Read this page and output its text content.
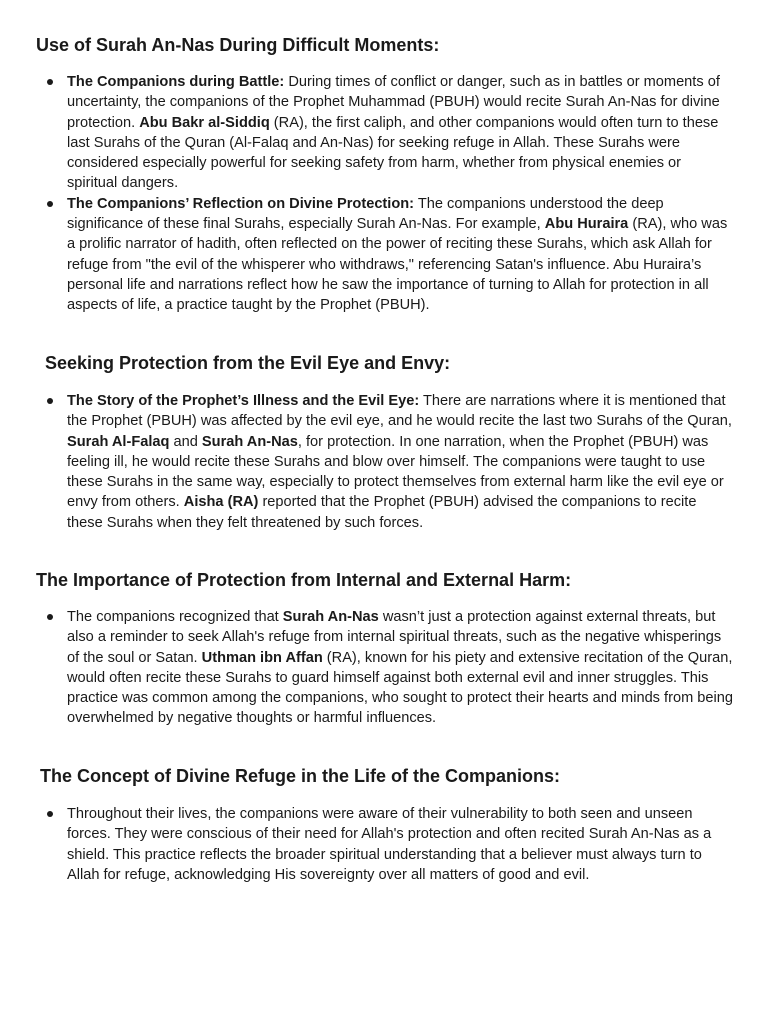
Use of Surah An-Nas During Difficult Moments:
The Companions during Battle: During times of conflict or danger, such as in battles or moments of uncertainty, the companions of the Prophet Muhammad (PBUH) would recite Surah An-Nas for divine protection. Abu Bakr al-Siddiq (RA), the first caliph, and other companions would often turn to these last Surahs of the Quran (Al-Falaq and An-Nas) for seeking refuge in Allah. These Surahs were considered especially powerful for seeking safety from harm, whether from physical enemies or spiritual dangers.
The Companions’ Reflection on Divine Protection: The companions understood the deep significance of these final Surahs, especially Surah An-Nas. For example, Abu Huraira (RA), who was a prolific narrator of hadith, often reflected on the power of reciting these Surahs, which ask Allah for refuge from "the evil of the whisperer who withdraws," referencing Satan's influence. Abu Huraira’s personal life and narrations reflect how he saw the importance of turning to Allah for protection in all aspects of life, a practice taught by the Prophet (PBUH).
Seeking Protection from the Evil Eye and Envy:
The Story of the Prophet’s Illness and the Evil Eye: There are narrations where it is mentioned that the Prophet (PBUH) was affected by the evil eye, and he would recite the last two Surahs of the Quran, Surah Al-Falaq and Surah An-Nas, for protection. In one narration, when the Prophet (PBUH) was feeling ill, he would recite these Surahs and blow over himself. The companions were taught to use these Surahs in the same way, especially to protect themselves from external harm like the evil eye or envy from others. Aisha (RA) reported that the Prophet (PBUH) advised the companions to recite these Surahs when they felt threatened by such forces.
The Importance of Protection from Internal and External Harm:
The companions recognized that Surah An-Nas wasn’t just a protection against external threats, but also a reminder to seek Allah's refuge from internal spiritual threats, such as the negative whisperings of the soul or Satan. Uthman ibn Affan (RA), known for his piety and extensive recitation of the Quran, would often recite these Surahs to guard himself against both external evil and inner struggles. This practice was common among the companions, who sought to protect their hearts and minds from being overwhelmed by negative thoughts or harmful influences.
The Concept of Divine Refuge in the Life of the Companions:
Throughout their lives, the companions were aware of their vulnerability to both seen and unseen forces. They were conscious of their need for Allah's protection and often recited Surah An-Nas as a shield. This practice reflects the broader spiritual understanding that a believer must always turn to Allah for refuge, acknowledging His sovereignty over all matters of good and evil.
